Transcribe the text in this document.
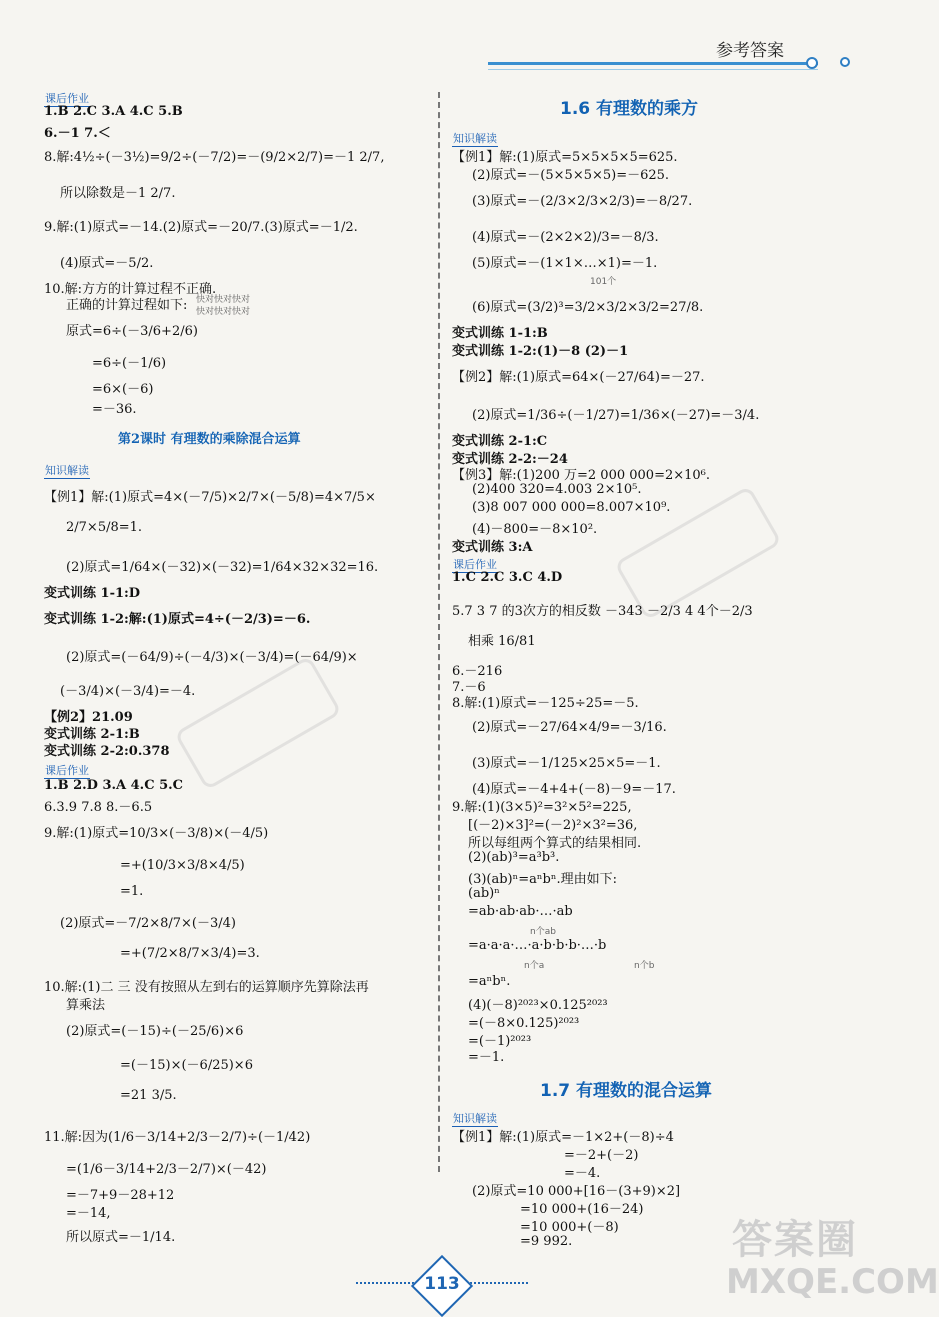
参考答案
课后作业
1.B 2.C 3.A 4.C 5.B
6.－1 7.＜
8.解:4½÷(－3½)=9/2÷(－7/2)=－(9/2×2/7)=－1 2/7,
所以除数是－1 2/7.
9.解:(1)原式=－14.(2)原式=－20/7.(3)原式=－1/2.
(4)原式=－5/2.
10.解:方方的计算过程不正确.
正确的计算过程如下: 快对快对快对
快对快对快对
原式=6÷(－3/6+2/6)
=6÷(－1/6)
=6×(－6)
=－36.
第2课时 有理数的乘除混合运算
知识解读
【例1】解:(1)原式=4×(－7/5)×2/7×(－5/8)=4×7/5×
2/7×5/8=1.
(2)原式=1/64×(－32)×(－32)=1/64×32×32=16.
变式训练 1-1:D
变式训练 1-2:解:(1)原式=4÷(－2/3)=－6.
(2)原式=(－64/9)÷(－4/3)×(－3/4)=(－64/9)×
(－3/4)×(－3/4)=－4.
【例2】21.09
变式训练 2-1:B
变式训练 2-2:0.378
课后作业
1.B 2.D 3.A 4.C 5.C
6.3.9 7.8 8.－6.5
9.解:(1)原式=10/3×(－3/8)×(－4/5)
=+(10/3×3/8×4/5)
=1.
(2)原式=－7/2×8/7×(－3/4)
=+(7/2×8/7×3/4)=3.
10.解:(1)二 三 没有按照从左到右的运算顺序先算除法再
算乘法
(2)原式=(－15)÷(－25/6)×6
=(－15)×(－6/25)×6
=21 3/5.
11.解:因为(1/6－3/14+2/3－2/7)÷(－1/42)
=(1/6－3/14+2/3－2/7)×(－42)
=－7+9－28+12
=－14,
所以原式=－1/14.
1.6 有理数的乘方
知识解读
【例1】解:(1)原式=5×5×5×5=625.
(2)原式=－(5×5×5×5)=－625.
(3)原式=－(2/3×2/3×2/3)=－8/27.
(4)原式=－(2×2×2)/3=－8/3.
(5)原式=－(1×1×…×1)=－1.
101个
(6)原式=(3/2)³=3/2×3/2×3/2=27/8.
变式训练 1-1:B
变式训练 1-2:(1)－8 (2)－1
【例2】解:(1)原式=64×(－27/64)=－27.
(2)原式=1/36÷(－1/27)=1/36×(－27)=－3/4.
变式训练 2-1:C
变式训练 2-2:－24
【例3】解:(1)200 万=2 000 000=2×10⁶.
(2)400 320=4.003 2×10⁵.
(3)8 007 000 000=8.007×10⁹.
(4)－800=－8×10².
变式训练 3:A
课后作业
1.C 2.C 3.C 4.D
5.7 3 7 的3次方的相反数 －343 －2/3 4 4个－2/3
相乘 16/81
6.－216
7.－6
8.解:(1)原式=－125÷25=－5.
(2)原式=－27/64×4/9=－3/16.
(3)原式=－1/125×25×5=－1.
(4)原式=－4+4+(－8)－9=－17.
9.解:(1)(3×5)²=3²×5²=225,
[(－2)×3]²=(－2)²×3²=36,
所以每组两个算式的结果相同.
(2)(ab)³=a³b³.
(3)(ab)ⁿ=aⁿbⁿ.理由如下:
(ab)ⁿ
=ab·ab·ab·…·ab
n个ab
=a·a·a·…·a·b·b·b·…·b
n个a	n个b
=aⁿbⁿ.
(4)(－8)²⁰²³×0.125²⁰²³
=(－8×0.125)²⁰²³
=(－1)²⁰²³
=－1.
1.7 有理数的混合运算
知识解读
【例1】解:(1)原式=－1×2+(－8)÷4
=－2+(－2)
=－4.
(2)原式=10 000+[16－(3+9)×2]
=10 000+(16－24)
=10 000+(－8)
=9 992.	答案圈
MXQE.COM
113
